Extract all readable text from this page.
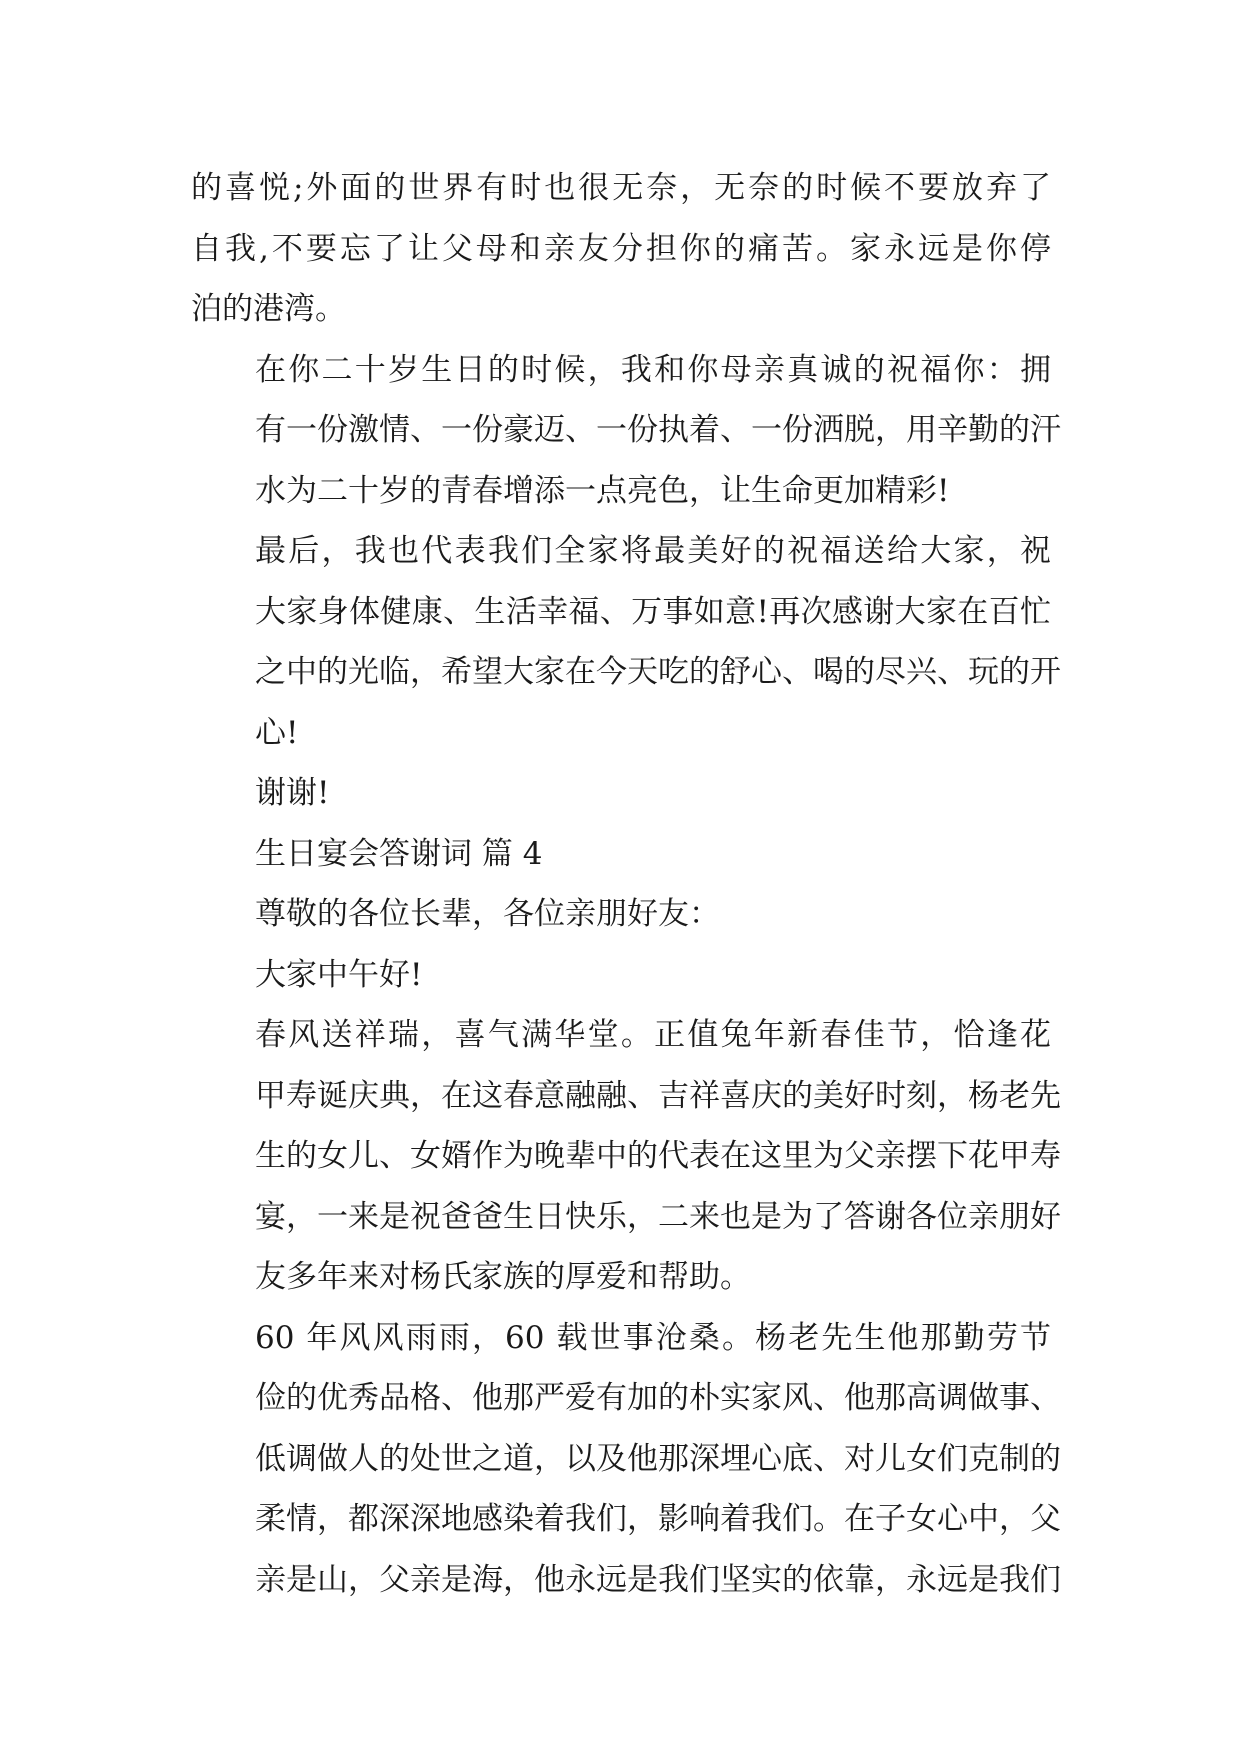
的喜悦;外面的世界有时也很无奈，无奈的时候不要放弃了
自我,不要忘了让父母和亲友分担你的痛苦。家永远是你停
泊的港湾。
在你二十岁生日的时候，我和你母亲真诚的祝福你：拥
有一份激情、一份豪迈、一份执着、一份洒脱，用辛勤的汗
水为二十岁的青春增添一点亮色，让生命更加精彩!
最后，我也代表我们全家将最美好的祝福送给大家，祝
大家身体健康、生活幸福、万事如意!再次感谢大家在百忙
之中的光临，希望大家在今天吃的舒心、喝的尽兴、玩的开
心!
谢谢!
生日宴会答谢词 篇 4
尊敬的各位长辈，各位亲朋好友：
大家中午好!
春风送祥瑞，喜气满华堂。正值兔年新春佳节，恰逢花
甲寿诞庆典，在这春意融融、吉祥喜庆的美好时刻，杨老先
生的女儿、女婿作为晚辈中的代表在这里为父亲摆下花甲寿
宴，一来是祝爸爸生日快乐，二来也是为了答谢各位亲朋好
友多年来对杨氏家族的厚爱和帮助。
60 年风风雨雨，60 载世事沧桑。杨老先生他那勤劳节
俭的优秀品格、他那严爱有加的朴实家风、他那高调做事、
低调做人的处世之道，以及他那深埋心底、对儿女们克制的
柔情，都深深地感染着我们，影响着我们。在子女心中，父
亲是山，父亲是海，他永远是我们坚实的依靠，永远是我们
